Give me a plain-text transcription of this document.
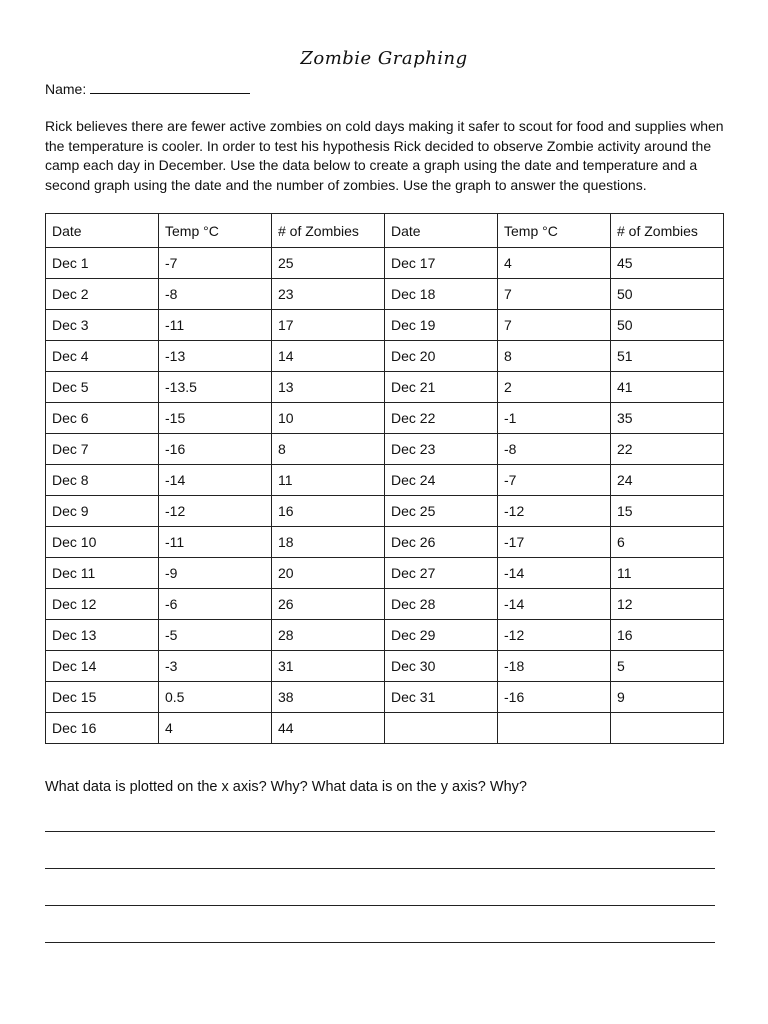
Zombie Graphing
Name:

Rick believes there are fewer active zombies on cold days making it safer to scout for food and supplies when the temperature is cooler. In order to test his hypothesis Rick decided to observe Zombie activity around the camp each day in December. Use the data below to create a graph using the date and temperature and a second graph using the date and the number of zombies. Use the graph to answer the questions.

Date	Temp °C	# of Zombies	Date	Temp °C	# of Zombies
Dec 1	-7	25	Dec 17	4	45
Dec 2	-8	23	Dec 18	7	50
Dec 3	-11	17	Dec 19	7	50
Dec 4	-13	14	Dec 20	8	51
Dec 5	-13.5	13	Dec 21	2	41
Dec 6	-15	10	Dec 22	-1	35
Dec 7	-16	8	Dec 23	-8	22
Dec 8	-14	11	Dec 24	-7	24
Dec 9	-12	16	Dec 25	-12	15
Dec 10	-11	18	Dec 26	-17	6
Dec 11	-9	20	Dec 27	-14	11
Dec 12	-6	26	Dec 28	-14	12
Dec 13	-5	28	Dec 29	-12	16
Dec 14	-3	31	Dec 30	-18	5
Dec 15	0.5	38	Dec 31	-16	9
Dec 16	4	44			
What data is plotted on the x axis? Why? What data is on the y axis? Why?
